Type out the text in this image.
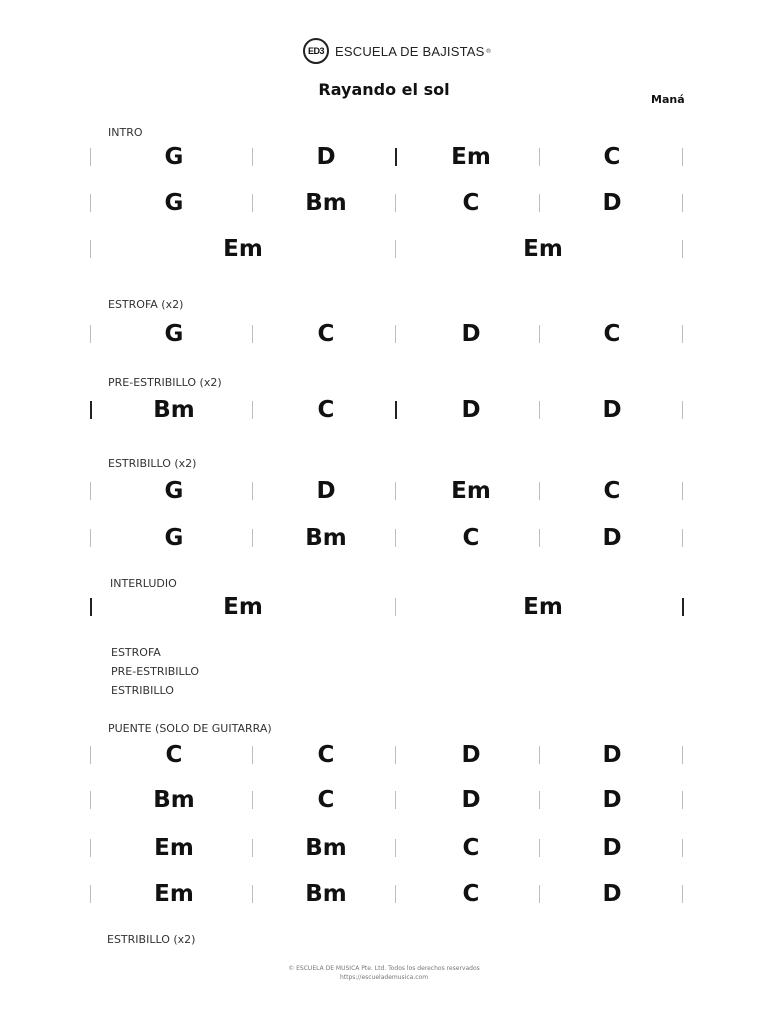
ED3 ESCUELA DE BAJISTAS ®
Rayando el sol
Maná
INTRO
G	D	Em	C
G	Bm	C	D
Em	Em
ESTROFA (x2)
G	C	D	C
PRE-ESTRIBILLO (x2)
Bm	C	D	D
ESTRIBILLO (x2)
G	D	Em	C
G	Bm	C	D
INTERLUDIO
Em	Em
ESTROFA
PRE-ESTRIBILLO
ESTRIBILLO
PUENTE (SOLO DE GUITARRA)
C	C	D	D
Bm	C	D	D
Em	Bm	C	D
Em	Bm	C	D
ESTRIBILLO (x2)
© ESCUELA DE MUSICA Pte. Ltd. Todos los derechos reservados
https://escuelademusica.com
